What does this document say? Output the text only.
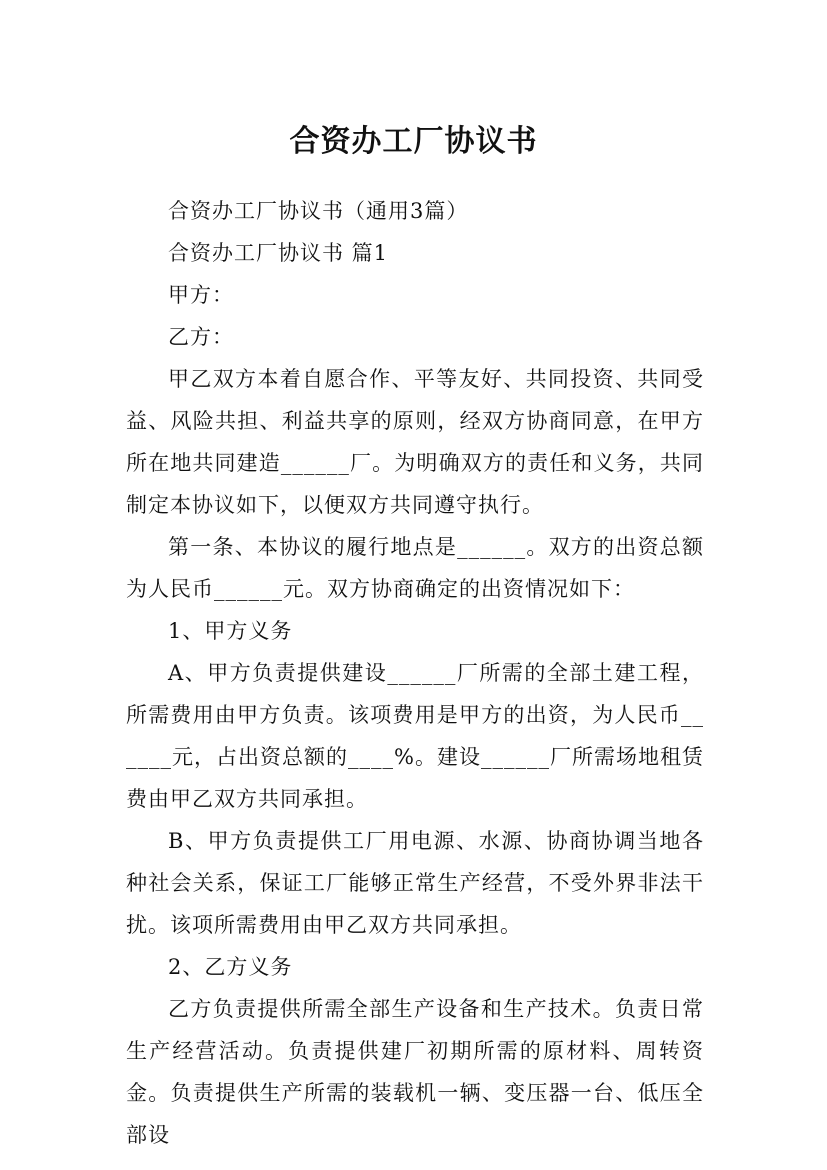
合资办工厂协议书

合资办工厂协议书（通用3篇）

合资办工厂协议书 篇1

甲方：

乙方：

甲乙双方本着自愿合作、平等友好、共同投资、共同受益、风险共担、利益共享的原则，经双方协商同意，在甲方所在地共同建造______厂。为明确双方的责任和义务，共同制定本协议如下，以便双方共同遵守执行。

第一条、本协议的履行地点是______。双方的出资总额为人民币______元。双方协商确定的出资情况如下：

1、甲方义务

A、甲方负责提供建设______厂所需的全部土建工程，所需费用由甲方负责。该项费用是甲方的出资，为人民币______元，占出资总额的____%。建设______厂所需场地租赁费由甲乙双方共同承担。

B、甲方负责提供工厂用电源、水源、协商协调当地各种社会关系，保证工厂能够正常生产经营，不受外界非法干扰。该项所需费用由甲乙双方共同承担。

2、乙方义务

乙方负责提供所需全部生产设备和生产技术。负责日常生产经营活动。负责提供建厂初期所需的原材料、周转资金。负责提供生产所需的装载机一辆、变压器一台、低压全部设
